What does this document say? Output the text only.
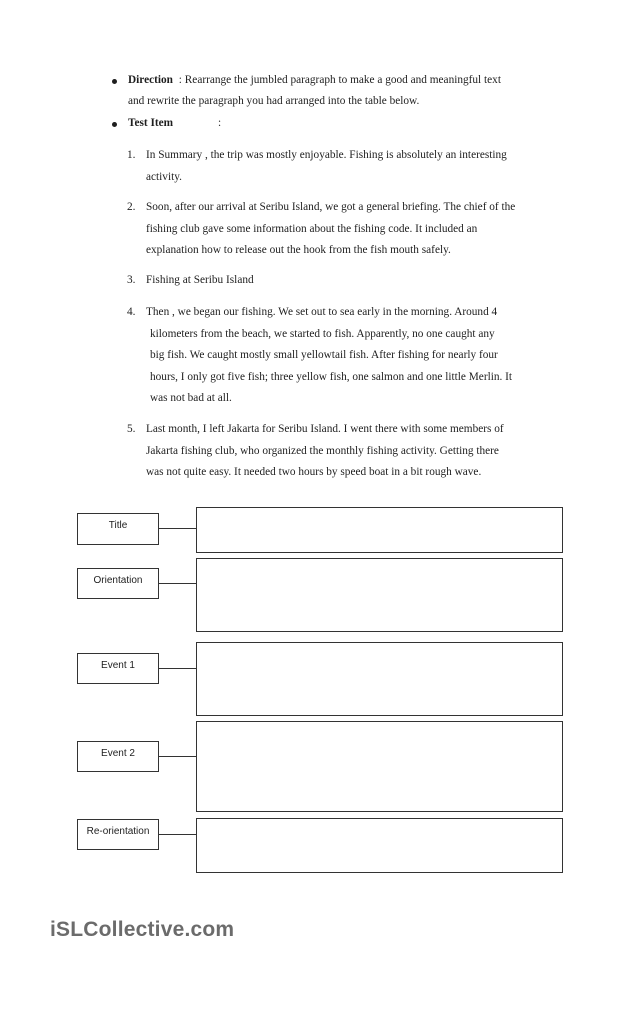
Direction : Rearrange the jumbled paragraph to make a good and meaningful text
and rewrite the paragraph you had arranged into the table below.
Test Item	:
1. In Summary , the trip was mostly enjoyable. Fishing is absolutely an interesting
activity.
2. Soon, after our arrival at Seribu Island, we got a general briefing. The chief of the
fishing club gave some information about the fishing code. It included an
explanation how to release out the hook from the fish mouth safely.
3. Fishing at Seribu Island
4. Then , we began our fishing. We set out to sea early in the morning. Around 4
kilometers from the beach, we started to fish. Apparently, no one caught any
big fish. We caught mostly small yellowtail fish. After fishing for nearly four
hours, I only got five fish; three yellow fish, one salmon and one little Merlin. It
was not bad at all.
5. Last month, I left Jakarta for Seribu Island. I went there with some members of
Jakarta fishing club, who organized the monthly fishing activity. Getting there
was not quite easy. It needed two hours by speed boat in a bit rough wave.
Title
Orientation
Event 1
Event 2
Re-orientation
iSLCollective.com
